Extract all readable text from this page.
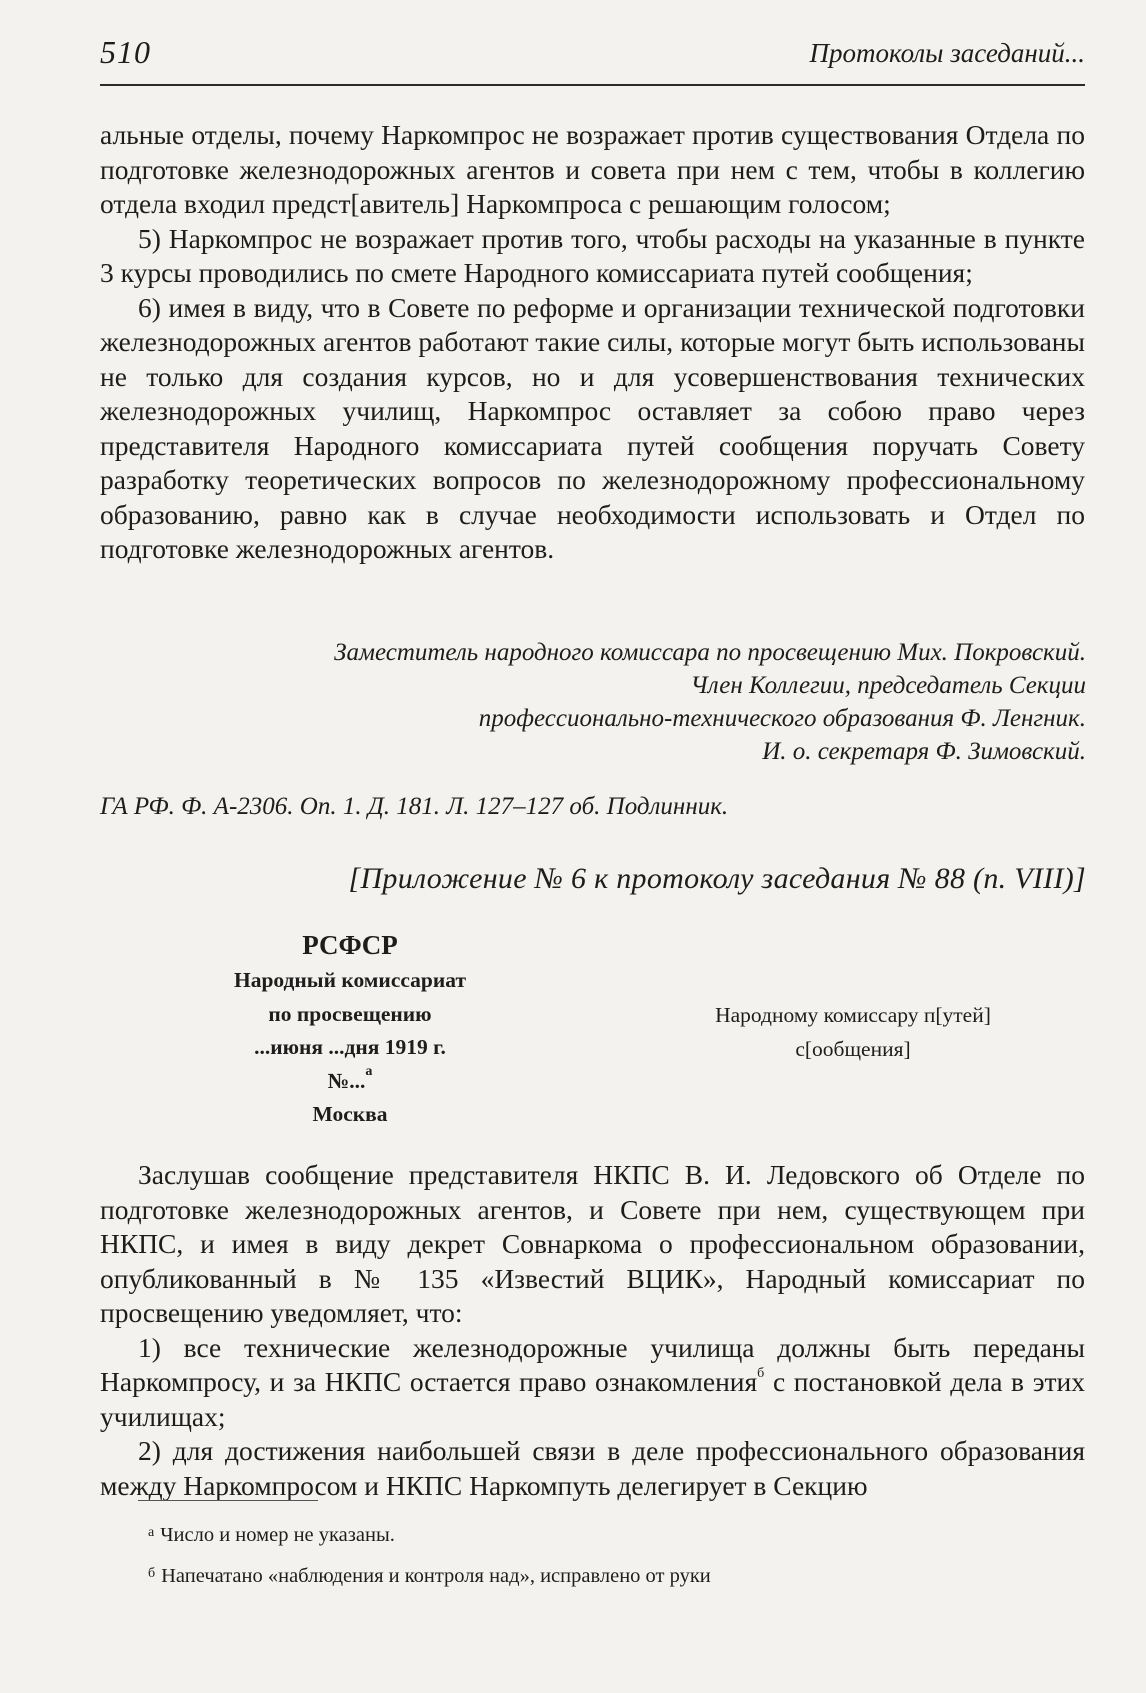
510	Протоколы заседаний...

альные отделы, почему Наркомпрос не возражает против существования Отдела по подготовке железнодорожных агентов и совета при нем с тем, чтобы в коллегию отдела входил предст[авитель] Наркомпроса с решающим голосом;

5) Наркомпрос не возражает против того, чтобы расходы на указанные в пункте 3 курсы проводились по смете Народного комиссариата путей сообщения;

6) имея в виду, что в Совете по реформе и организации технической подготовки железнодорожных агентов работают такие силы, которые могут быть использованы не только для создания курсов, но и для усовершенствования технических железнодорожных училищ, Наркомпрос оставляет за собою право через представителя Народного комиссариата путей сообщения поручать Совету разработку теоретических вопросов по железнодорожному профессиональному образованию, равно как в случае необходимости использовать и Отдел по подготовке железнодорожных агентов.

Заместитель народного комиссара по просвещению Мих. Покровский.
Член Коллегии, председатель Секции
профессионально-технического образования Ф. Ленгник.
И. о. секретаря Ф. Зимовский.
ГА РФ. Ф. А-2306. Оп. 1. Д. 181. Л. 127–127 об. Подлинник.
[Приложение № 6 к протоколу заседания № 88 (п. VIII)]
РСФСР
Народный комиссариат
по просвещению
...июня ...дня 1919 г.
№...$^а$
Москва
Народному комиссару п[утей]
с[ообщения]

Заслушав сообщение представителя НКПС В. И. Ледовского об Отделе по подготовке железнодорожных агентов, и Совете при нем, существующем при НКПС, и имея в виду декрет Совнаркома о профессиональном образовании, опубликованный в № 135 «Известий ВЦИК», Народный комиссариат по просвещению уведомляет, что:

1) все технические железнодорожные училища должны быть переданы Наркомпросу, и за НКПС остается право ознакомления$^б$ с постановкой дела в этих училищах;

2) для достижения наибольшей связи в деле профессионального образования между Наркомпросом и НКПС Наркомпуть делегирует в Секцию

$^а$ Число и номер не указаны.
$^б$ Напечатано «наблюдения и контроля над», исправлено от руки
